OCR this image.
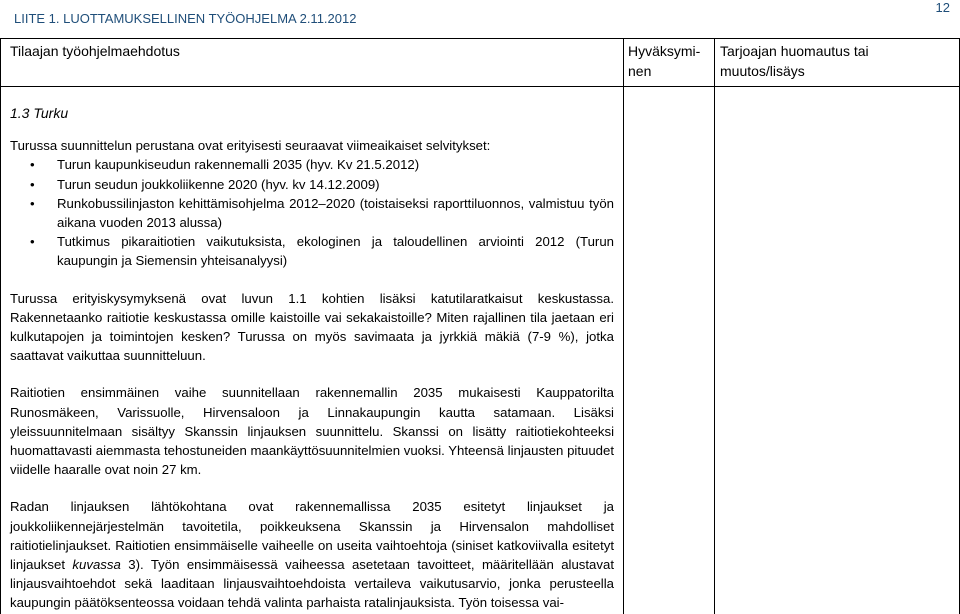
LIITE 1. LUOTTAMUKSELLINEN TYÖOHJELMA 2.11.2012
12
Tilaajan työohjelmaehdotus	Hyväksymi-
nen
Tarjoajan huomautus tai
muutos/lisäys

1.3 Turku

Turussa suunnittelun perustana ovat erityisesti seuraavat viimeaikaiset selvitykset:

• Turun kaupunkiseudun rakennemalli 2035 (hyv. Kv 21.5.2012)
• Turun seudun joukkoliikenne 2020 (hyv. kv 14.12.2009)
• Runkobussilinjaston kehittämisohjelma 2012–2020 (toistaiseksi raporttiluonnos, valmistuu työn aikana vuoden 2013 alussa)
• Tutkimus pikaraitiotien vaikutuksista, ekologinen ja taloudellinen arviointi 2012 (Turun kaupungin ja Siemensin yhteisanalyysi)

Turussa erityiskysymyksenä ovat luvun 1.1 kohtien lisäksi katutilaratkaisut keskustassa. Rakennetaanko raitiotie keskustassa omille kaistoille vai sekakaistoille? Miten rajallinen tila jaetaan eri kulkutapojen ja toimintojen kesken? Turussa on myös savimaata ja jyrkkiä mäkiä (7-9 %), jotka saattavat vaikuttaa suunnitteluun.

Raitiotien ensimmäinen vaihe suunnitellaan rakennemallin 2035 mukaisesti Kauppatorilta Runosmäkeen, Varissuolle, Hirvensaloon ja Linnakaupungin kautta satamaan. Lisäksi yleissuunnitelmaan sisältyy Skanssin linjauksen suunnittelu. Skanssi on lisätty raitiotiekohteeksi huomattavasti aiemmasta tehostuneiden maankäyttösuunnitelmien vuoksi. Yhteensä linjausten pituudet viidelle haaralle ovat noin 27 km.

Radan linjauksen lähtökohtana ovat rakennemallissa 2035 esitetyt linjaukset ja joukkoliikennejärjestelmän tavoitetila, poikkeuksena Skanssin ja Hirvensalon mahdolliset raitiotielinjaukset. Raitiotien ensimmäiselle vaiheelle on useita vaihtoehtoja (siniset katkoviivalla esitetyt linjaukset kuvassa 3). Työn ensimmäisessä vaiheessa asetetaan tavoitteet, määritellään alustavat linjausvaihtoehdot sekä laaditaan linjausvaihtoehdoista vertaileva vaikutusarvio, jonka perusteella kaupungin päätöksenteossa voidaan tehdä valinta parhaista ratalinjauksista. Työn toisessa vai-
